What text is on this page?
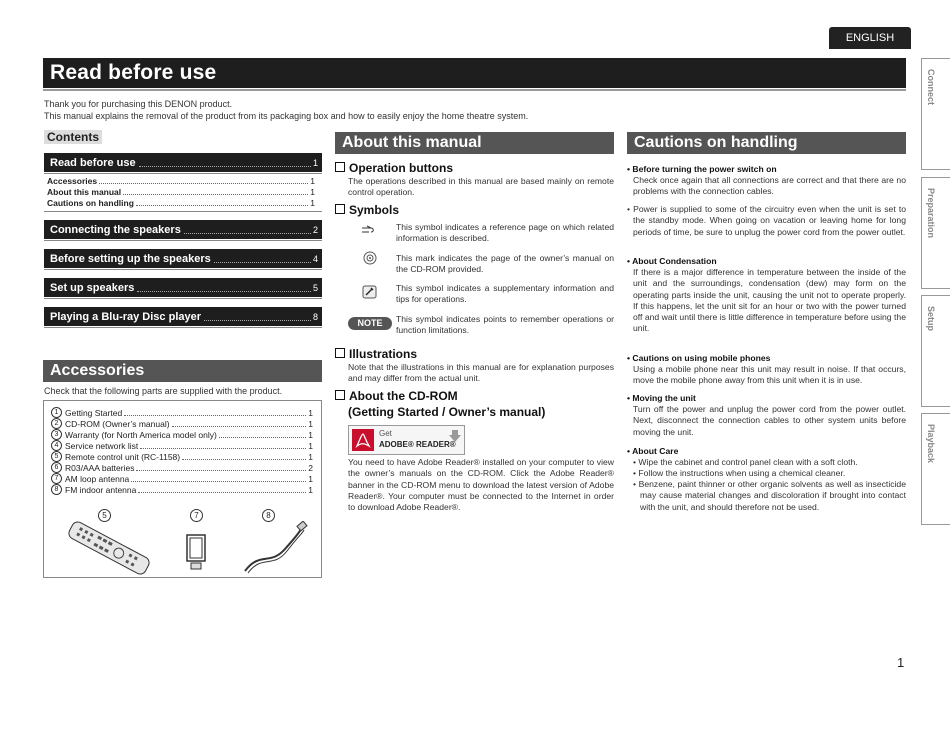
ENGLISH
Read before use
Thank you for purchasing this DENON product.
This manual explains the removal of the product from its packaging box and how to easily enjoy the home theatre system.
Contents
Read before use	1
Accessories	1
About this manual	1
Cautions on handling	1
Connecting the speakers	2
Before setting up the speakers	4
Set up speakers	5
Playing a Blu-ray Disc player	8
Accessories
Check that the following parts are supplied with the product.
1 Getting Started	1
2 CD-ROM (Owner’s manual)	1
3 Warranty (for North America model only)	1
4 Service network list	1
5 Remote control unit (RC-1158)	1
6 R03/AAA batteries	2
7 AM loop antenna	1
8 FM indoor antenna	1
5	7	8
About this manual
Operation buttons
The operations described in this manual are based mainly on remote control operation.
Symbols
This symbol indicates a reference page on which related information is described.
This mark indicates the page of the owner’s manual on the CD-ROM provided.
This symbol indicates a supplementary information and tips for operations.
NOTE	This symbol indicates points to remember operations or function limitations.
Illustrations
Note that the illustrations in this manual are for explanation purposes and may differ from the actual unit.
About the CD-ROM
(Getting Started / Owner’s manual)
Get
ADOBE® READER®
You need to have Adobe Reader® installed on your computer to view the owner’s manuals on the CD-ROM. Click the Adobe Reader® banner in the CD-ROM menu to download the latest version of Adobe Reader®. Your computer must be connected to the Internet in order to download Adobe Reader®.
Cautions on handling
• Before turning the power switch on
Check once again that all connections are correct and that there are no problems with the connection cables.
• Power is supplied to some of the circuitry even when the unit is set to the standby mode. When going on vacation or leaving home for long periods of time, be sure to unplug the power cord from the power outlet.
• About Condensation
If there is a major difference in temperature between the inside of the unit and the surroundings, condensation (dew) may form on the operating parts inside the unit, causing the unit not to operate properly. If this happens, let the unit sit for an hour or two with the power turned off and wait until there is little difference in temperature before using the unit.
• Cautions on using mobile phones
Using a mobile phone near this unit may result in noise. If that occurs, move the mobile phone away from this unit when it is in use.
• Moving the unit
Turn off the power and unplug the power cord from the power outlet. Next, disconnect the connection cables to other system units before moving the unit.
• About Care
• Wipe the cabinet and control panel clean with a soft cloth.
• Follow the instructions when using a chemical cleaner.
• Benzene, paint thinner or other organic solvents as well as insecticide may cause material changes and discoloration if brought into contact with the unit, and should therefore not be used.
Connect
Preparation
Setup
Playback
1
